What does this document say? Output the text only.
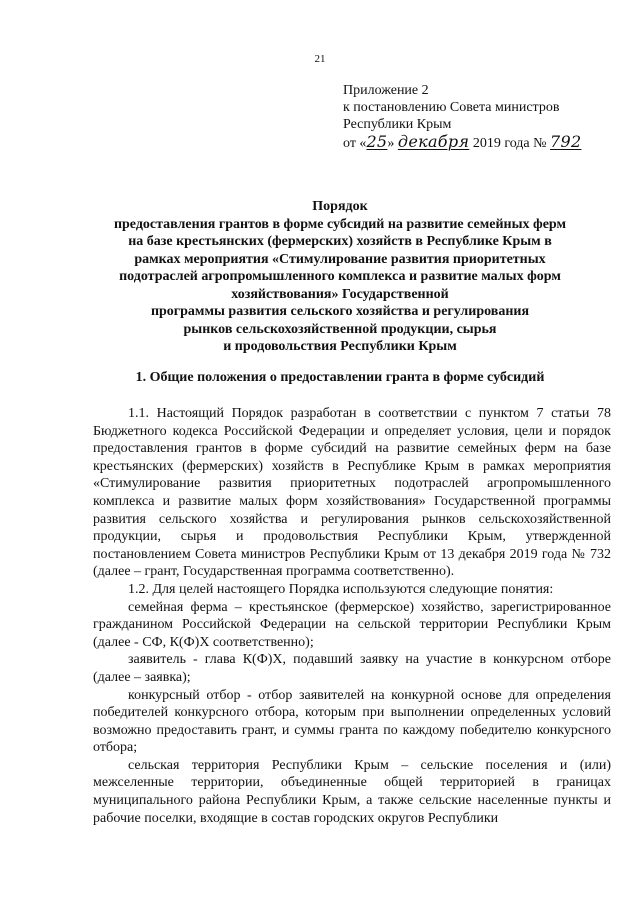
21
Приложение 2
к постановлению Совета министров
Республики Крым
от «25» декабря 2019 года № 792
Порядок
предоставления грантов в форме субсидий на развитие семейных ферм
на базе крестьянских (фермерских) хозяйств в Республике Крым в
рамках мероприятия «Стимулирование развития приоритетных
подотраслей агропромышленного комплекса и развитие малых форм
хозяйствования» Государственной
программы развития сельского хозяйства и регулирования
рынков сельскохозяйственной продукции, сырья
и продовольствия Республики Крым
1. Общие положения о предоставлении гранта в форме субсидий

1.1. Настоящий Порядок разработан в соответствии с пунктом 7 статьи 78 Бюджетного кодекса Российской Федерации и определяет условия, цели и порядок предоставления грантов в форме субсидий на развитие семейных ферм на базе крестьянских (фермерских) хозяйств в Республике Крым в рамках мероприятия «Стимулирование развития приоритетных подотраслей агропромышленного комплекса и развитие малых форм хозяйствования» Государственной программы развития сельского хозяйства и регулирования рынков сельскохозяйственной продукции, сырья и продовольствия Республики Крым, утвержденной постановлением Совета министров Республики Крым от 13 декабря 2019 года № 732 (далее – грант, Государственная программа соответственно).

1.2. Для целей настоящего Порядка используются следующие понятия:

семейная ферма – крестьянское (фермерское) хозяйство, зарегистрированное гражданином Российской Федерации на сельской территории Республики Крым (далее - СФ, К(Ф)Х соответственно);

заявитель - глава К(Ф)Х, подавший заявку на участие в конкурсном отборе (далее – заявка);

конкурсный отбор - отбор заявителей на конкурной основе для определения победителей конкурсного отбора, которым при выполнении определенных условий возможно предоставить грант, и суммы гранта по каждому победителю конкурсного отбора;

сельская территория Республики Крым – сельские поселения и (или) межселенные территории, объединенные общей территорией в границах муниципального района Республики Крым, а также сельские населенные пункты и рабочие поселки, входящие в состав городских округов Республики
